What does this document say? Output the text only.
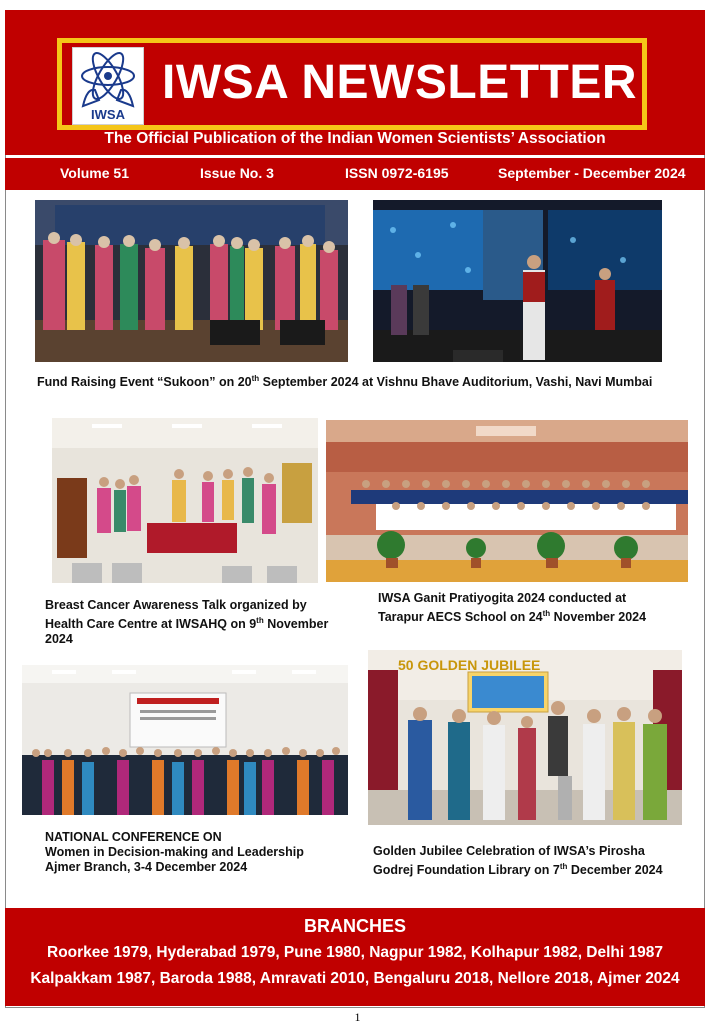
IWSA
IWSA NEWSLETTER
The Official Publication of the Indian Women Scientists’ Association
Volume 51	Issue No. 3	ISSN 0972-6195	September - December 2024
Fund Raising Event “Sukoon” on 20th September 2024 at Vishnu Bhave Auditorium, Vashi, Navi Mumbai
Breast Cancer Awareness Talk organized by
Health Care Centre at IWSAHQ on 9th November
2024
IWSA Ganit Pratiyogita 2024 conducted at
Tarapur AECS School on 24th November 2024
NATIONAL CONFERENCE ON
Women in Decision-making and Leadership
Ajmer Branch, 3-4 December 2024
50 GOLDEN JUBILEE
Golden Jubilee Celebration of IWSA’s Pirosha
Godrej Foundation Library on 7th December 2024
BRANCHES
Roorkee 1979, Hyderabad 1979, Pune 1980, Nagpur 1982, Kolhapur 1982, Delhi 1987
Kalpakkam 1987, Baroda 1988, Amravati 2010, Bengaluru 2018, Nellore 2018, Ajmer 2024
1
